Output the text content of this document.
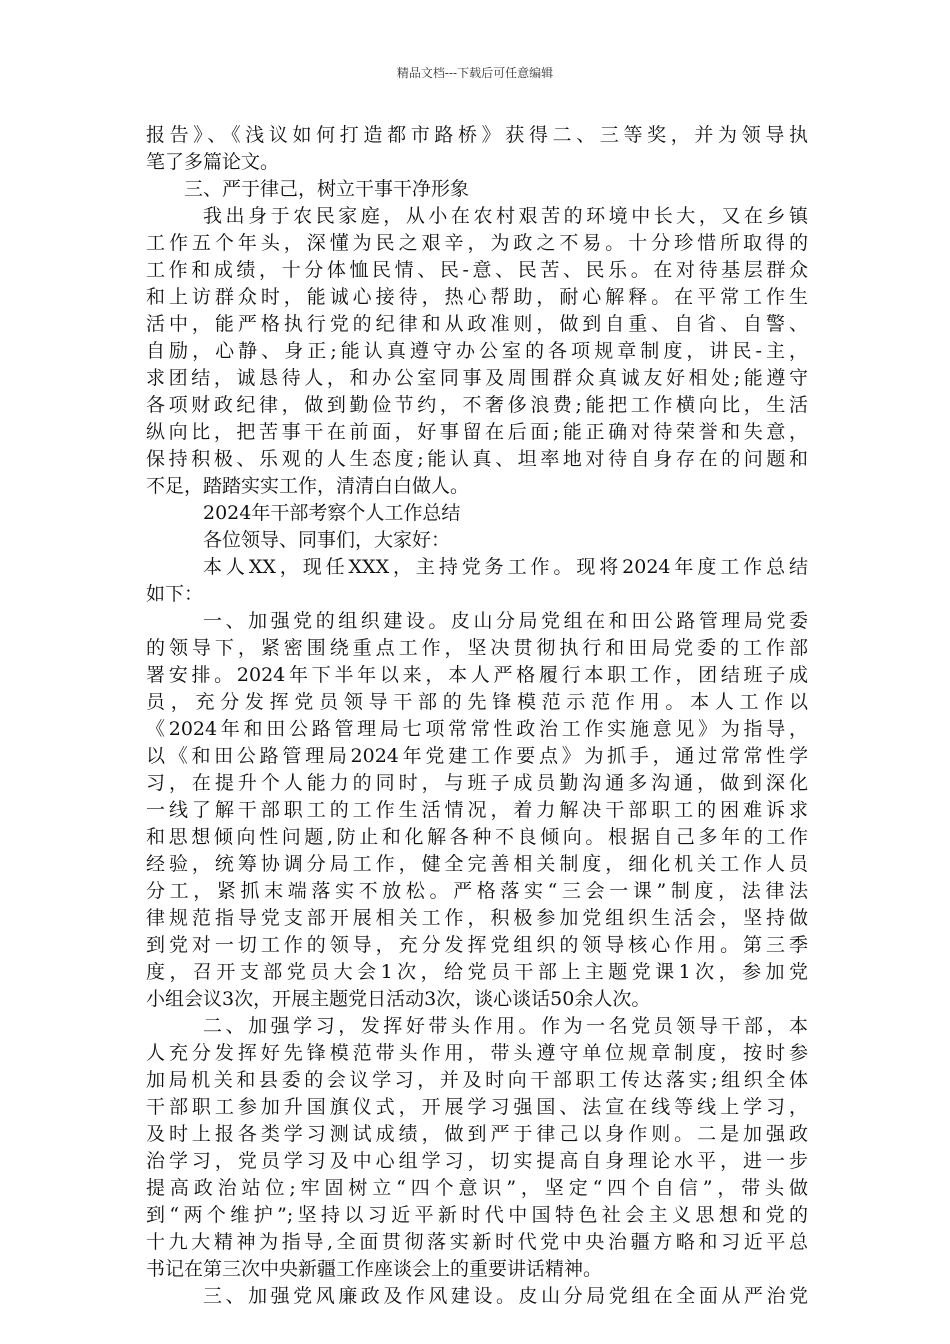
精品文档---下载后可任意编辑
报告》、《浅议如何打造都市路桥》获得二、三等奖，并为领导执
笔了多篇论文。
三、严于律己，树立干事干净形象
我出身于农民家庭，从小在农村艰苦的环境中长大，又在乡镇
工作五个年头，深懂为民之艰辛，为政之不易。十分珍惜所取得的
工作和成绩，十分体恤民情、民-意、民苦、民乐。在对待基层群众
和上访群众时，能诚心接待，热心帮助，耐心解释。在平常工作生
活中，能严格执行党的纪律和从政准则，做到自重、自省、自警、
自励，心静、身正;能认真遵守办公室的各项规章制度，讲民-主，
求团结，诚恳待人，和办公室同事及周围群众真诚友好相处;能遵守
各项财政纪律，做到勤俭节约，不奢侈浪费;能把工作横向比，生活
纵向比，把苦事干在前面，好事留在后面;能正确对待荣誉和失意，
保持积极、乐观的人生态度;能认真、坦率地对待自身存在的问题和
不足，踏踏实实工作，清清白白做人。
2024年干部考察个人工作总结
各位领导、同事们，大家好：
本人XX，现任XXX，主持党务工作。现将2024年度工作总结
如下：
一、加强党的组织建设。皮山分局党组在和田公路管理局党委
的领导下，紧密围绕重点工作，坚决贯彻执行和田局党委的工作部
署安排。2024年下半年以来，本人严格履行本职工作，团结班子成
员，充分发挥党员领导干部的先锋模范示范作用。本人工作以
《2024年和田公路管理局七项常常性政治工作实施意见》为指导，
以《和田公路管理局2024年党建工作要点》为抓手，通过常常性学
习，在提升个人能力的同时，与班子成员勤沟通多沟通，做到深化
一线了解干部职工的工作生活情况，着力解决干部职工的困难诉求
和思想倾向性问题,防止和化解各种不良倾向。根据自己多年的工作
经验，统筹协调分局工作，健全完善相关制度，细化机关工作人员
分工，紧抓末端落实不放松。严格落实“三会一课”制度，法律法
律规范指导党支部开展相关工作，积极参加党组织生活会，坚持做
到党对一切工作的领导，充分发挥党组织的领导核心作用。第三季
度，召开支部党员大会1次，给党员干部上主题党课1次，参加党
小组会议3次，开展主题党日活动3次，谈心谈话50余人次。
二、加强学习，发挥好带头作用。作为一名党员领导干部，本
人充分发挥好先锋模范带头作用，带头遵守单位规章制度，按时参
加局机关和县委的会议学习，并及时向干部职工传达落实;组织全体
干部职工参加升国旗仪式，开展学习强国、法宣在线等线上学习，
及时上报各类学习测试成绩，做到严于律己以身作则。二是加强政
治学习，党员学习及中心组学习，切实提高自身理论水平，进一步
提高政治站位;牢固树立“四个意识”，坚定“四个自信”，带头做
到“两个维护”;坚持以习近平新时代中国特色社会主义思想和党的
十九大精神为指导,全面贯彻落实新时代党中央治疆方略和习近平总
书记在第三次中央新疆工作座谈会上的重要讲话精神。
三、加强党风廉政及作风建设。皮山分局党组在全面从严治党
